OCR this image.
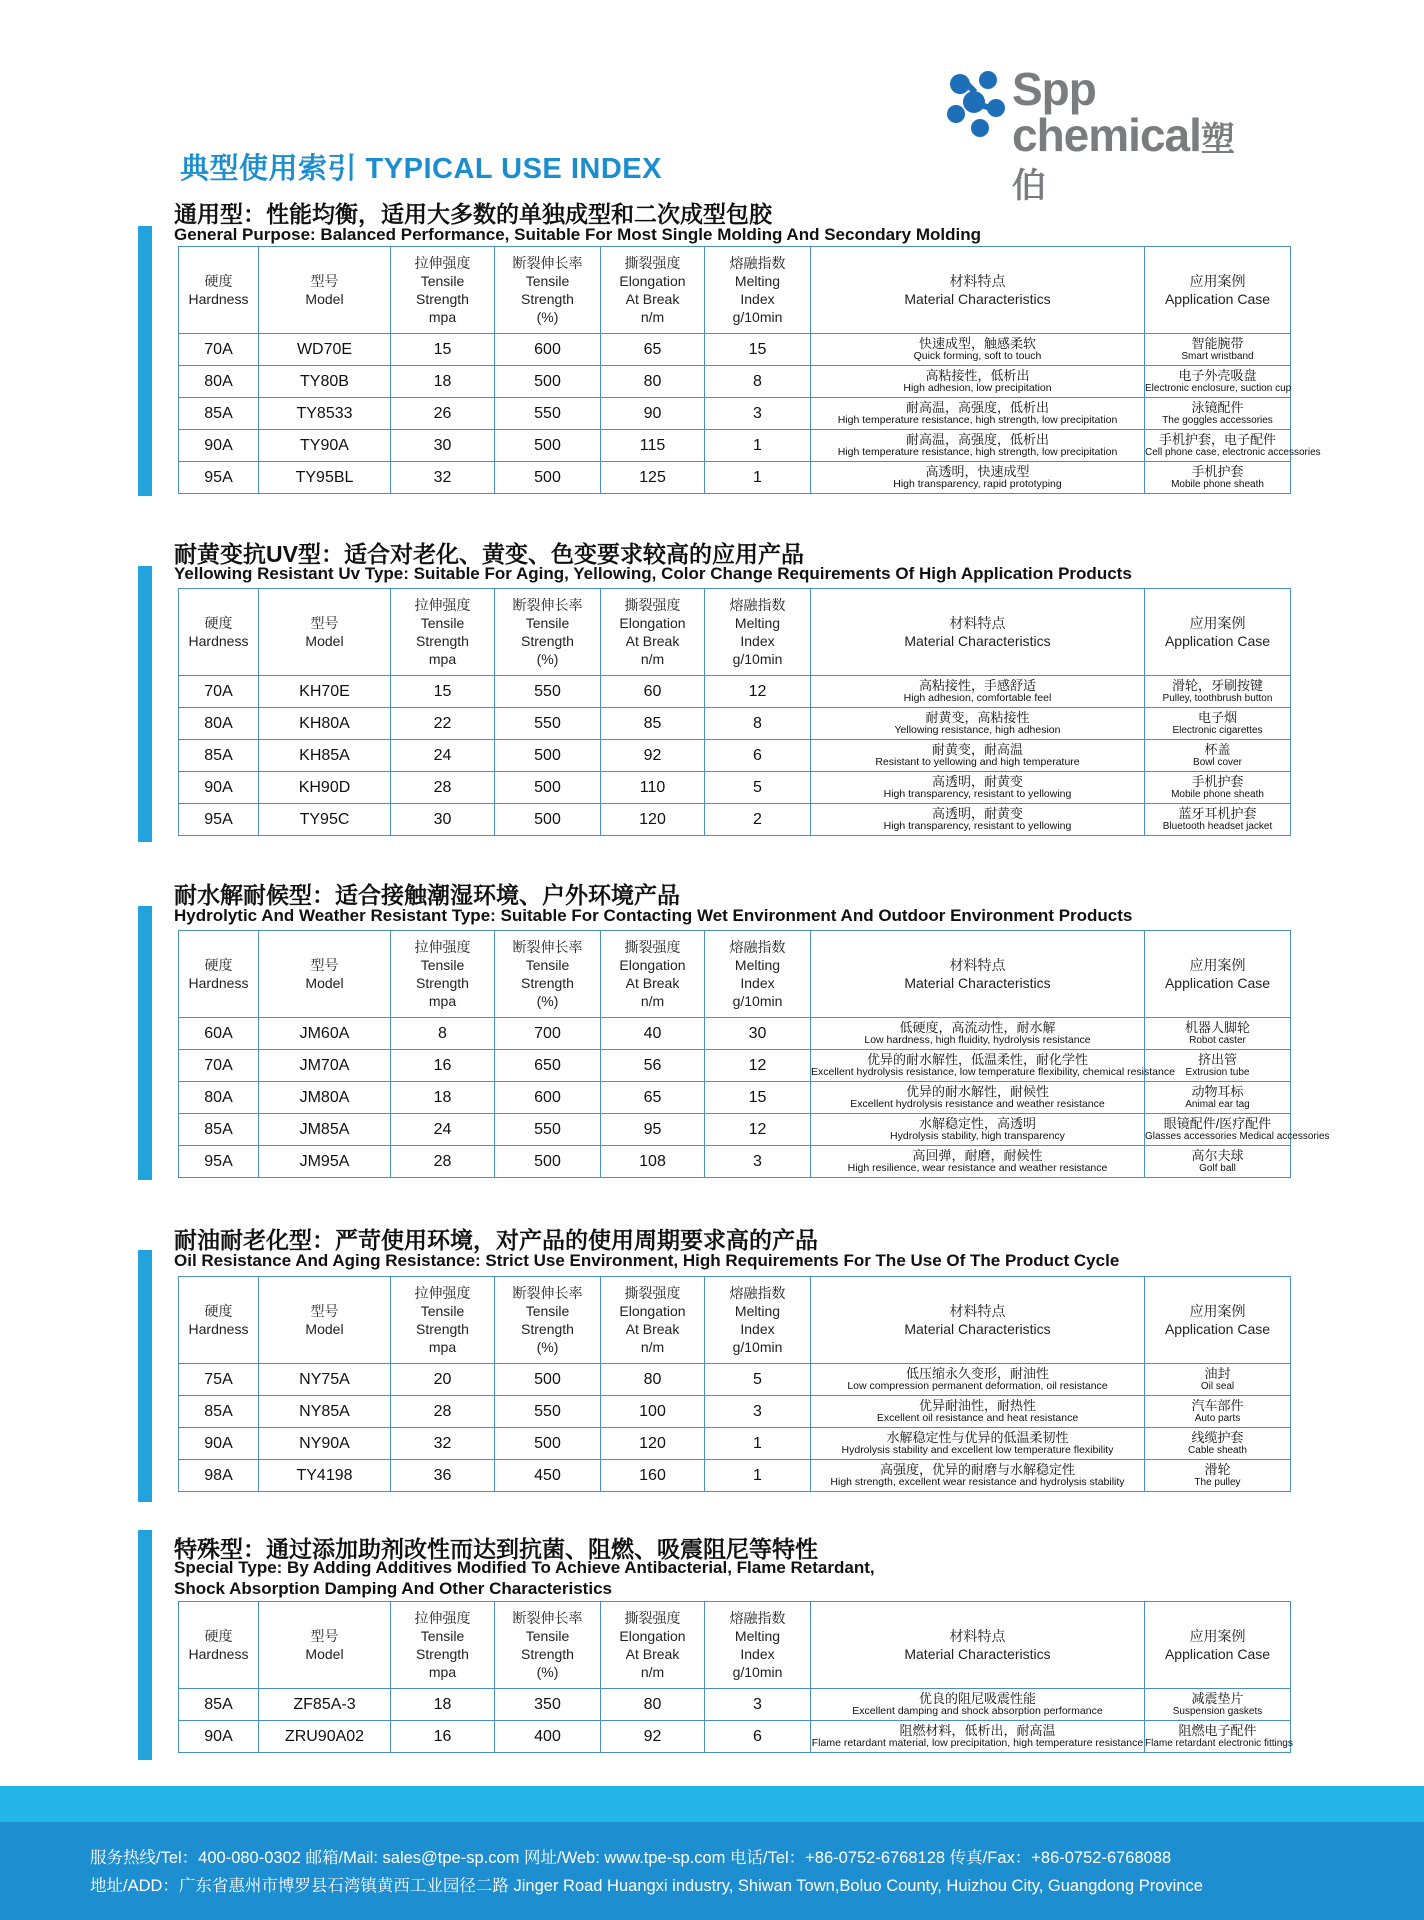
Spp
chemical塑伯
典型使用索引 TYPICAL USE INDEX
通用型：性能均衡，适用大多数的单独成型和二次成型包胶
General Purpose: Balanced Performance, Suitable For Most Single Molding And Secondary Molding
硬度
Hardness	型号
Model	拉伸强度
Tensile
Strength
mpa	断裂伸长率
Tensile
Strength
(%)	撕裂强度
Elongation
At Break
n/m	熔融指数
Melting
Index
g/10min	材料特点
Material Characteristics	应用案例
Application Case

70A	WD70E	15	600	65	15	快速成型，触感柔软
Quick forming, soft to touch	智能腕带
Smart wristband

80A	TY80B	18	500	80	8	高粘接性，低析出
High adhesion, low precipitation	电子外壳吸盘
Electronic enclosure, suction cup

85A	TY8533	26	550	90	3	耐高温，高强度，低析出
High temperature resistance, high strength, low precipitation	泳镜配件
The goggles accessories

90A	TY90A	30	500	115	1	耐高温，高强度，低析出
High temperature resistance, high strength, low precipitation	手机护套，电子配件
Cell phone case, electronic accessories

95A	TY95BL	32	500	125	1	高透明，快速成型
High transparency, rapid prototyping	手机护套
Mobile phone sheath
耐黄变抗UV型：适合对老化、黄变、色变要求较高的应用产品
Yellowing Resistant Uv Type: Suitable For Aging, Yellowing, Color Change Requirements Of High Application Products
硬度
Hardness	型号
Model	拉伸强度
Tensile
Strength
mpa	断裂伸长率
Tensile
Strength
(%)	撕裂强度
Elongation
At Break
n/m	熔融指数
Melting
Index
g/10min	材料特点
Material Characteristics	应用案例
Application Case

70A	KH70E	15	550	60	12	高粘接性，手感舒适
High adhesion, comfortable feel	滑轮，牙刷按键
Pulley, toothbrush button

80A	KH80A	22	550	85	8	耐黄变，高粘接性
Yellowing resistance, high adhesion	电子烟
Electronic cigarettes

85A	KH85A	24	500	92	6	耐黄变，耐高温
Resistant to yellowing and high temperature	杯盖
Bowl cover

90A	KH90D	28	500	110	5	高透明，耐黄变
High transparency, resistant to yellowing	手机护套
Mobile phone sheath

95A	TY95C	30	500	120	2	高透明，耐黄变
High transparency, resistant to yellowing	蓝牙耳机护套
Bluetooth headset jacket
耐水解耐候型：适合接触潮湿环境、户外环境产品
Hydrolytic And Weather Resistant Type: Suitable For Contacting Wet Environment And Outdoor Environment Products
硬度
Hardness	型号
Model	拉伸强度
Tensile
Strength
mpa	断裂伸长率
Tensile
Strength
(%)	撕裂强度
Elongation
At Break
n/m	熔融指数
Melting
Index
g/10min	材料特点
Material Characteristics	应用案例
Application Case

60A	JM60A	8	700	40	30	低硬度，高流动性，耐水解
Low hardness, high fluidity, hydrolysis resistance	机器人脚轮
Robot caster

70A	JM70A	16	650	56	12	优异的耐水解性，低温柔性，耐化学性
Excellent hydrolysis resistance, low temperature flexibility, chemical resistance	挤出管
Extrusion tube

80A	JM80A	18	600	65	15	优异的耐水解性，耐候性
Excellent hydrolysis resistance and weather resistance	动物耳标
Animal ear tag

85A	JM85A	24	550	95	12	水解稳定性，高透明
Hydrolysis stability, high transparency	眼镜配件/医疗配件
Glasses accessories Medical accessories

95A	JM95A	28	500	108	3	高回弹，耐磨，耐候性
High resilience, wear resistance and weather resistance	高尔夫球
Golf ball
耐油耐老化型：严苛使用环境，对产品的使用周期要求高的产品
Oil Resistance And Aging Resistance: Strict Use Environment, High Requirements For The Use Of The Product Cycle
硬度
Hardness	型号
Model	拉伸强度
Tensile
Strength
mpa	断裂伸长率
Tensile
Strength
(%)	撕裂强度
Elongation
At Break
n/m	熔融指数
Melting
Index
g/10min	材料特点
Material Characteristics	应用案例
Application Case

75A	NY75A	20	500	80	5	低压缩永久变形，耐油性
Low compression permanent deformation, oil resistance	油封
Oil seal

85A	NY85A	28	550	100	3	优异耐油性，耐热性
Excellent oil resistance and heat resistance	汽车部件
Auto parts

90A	NY90A	32	500	120	1	水解稳定性与优异的低温柔韧性
Hydrolysis stability and excellent low temperature flexibility	线缆护套
Cable sheath

98A	TY4198	36	450	160	1	高强度，优异的耐磨与水解稳定性
High strength, excellent wear resistance and hydrolysis stability	滑轮
The pulley
特殊型：通过添加助剂改性而达到抗菌、阻燃、吸震阻尼等特性
Special Type: By Adding Additives Modified To Achieve Antibacterial, Flame Retardant,
Shock Absorption Damping And Other Characteristics
硬度
Hardness	型号
Model	拉伸强度
Tensile
Strength
mpa	断裂伸长率
Tensile
Strength
(%)	撕裂强度
Elongation
At Break
n/m	熔融指数
Melting
Index
g/10min	材料特点
Material Characteristics	应用案例
Application Case

85A	ZF85A-3	18	350	80	3	优良的阻尼吸震性能
Excellent damping and shock absorption performance	减震垫片
Suspension gaskets

90A	ZRU90A02	16	400	92	6	阻燃材料，低析出，耐高温
Flame retardant material, low precipitation, high temperature resistance	阻燃电子配件
Flame retardant electronic fittings
服务热线/Tel：400-080-0302 邮箱/Mail: sales@tpe-sp.com 网址/Web: www.tpe-sp.com 电话/Tel：+86-0752-6768128 传真/Fax：+86-0752-6768088
地址/ADD：广东省惠州市博罗县石湾镇黄西工业园径二路 Jinger Road Huangxi industry, Shiwan Town,Boluo County, Huizhou City, Guangdong Province
